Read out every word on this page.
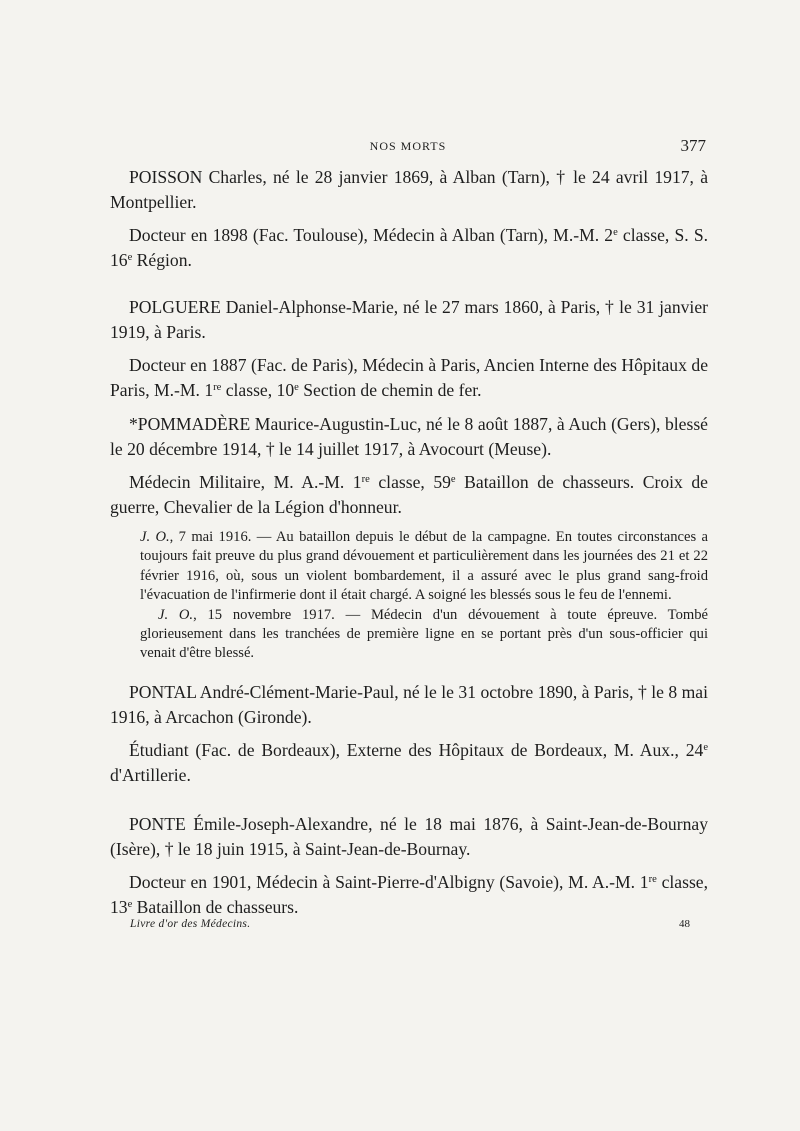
NOS MORTS	377

POISSON Charles, né le 28 janvier 1869, à Alban (Tarn), † le 24 avril 1917, à Montpellier.

Docteur en 1898 (Fac. Toulouse), Médecin à Alban (Tarn), M.-M. 2e classe, S. S. 16e Région.

POLGUERE Daniel-Alphonse-Marie, né le 27 mars 1860, à Paris, † le 31 janvier 1919, à Paris.

Docteur en 1887 (Fac. de Paris), Médecin à Paris, Ancien Interne des Hôpitaux de Paris, M.-M. 1re classe, 10e Section de chemin de fer.

*POMMADÈRE Maurice-Augustin-Luc, né le 8 août 1887, à Auch (Gers), blessé le 20 décembre 1914, † le 14 juillet 1917, à Avocourt (Meuse).

Médecin Militaire, M. A.-M. 1re classe, 59e Bataillon de chasseurs. Croix de guerre, Chevalier de la Légion d'honneur.

J. O., 7 mai 1916. — Au bataillon depuis le début de la campagne. En toutes circonstances a toujours fait preuve du plus grand dévouement et particulièrement dans les journées des 21 et 22 février 1916, où, sous un violent bombardement, il a assuré avec le plus grand sang-froid l'évacuation de l'infirmerie dont il était chargé. A soigné les blessés sous le feu de l'ennemi.

J. O., 15 novembre 1917. — Médecin d'un dévouement à toute épreuve. Tombé glorieusement dans les tranchées de première ligne en se portant près d'un sous-officier qui venait d'être blessé.

PONTAL André-Clément-Marie-Paul, né le le 31 octobre 1890, à Paris, † le 8 mai 1916, à Arcachon (Gironde).

Étudiant (Fac. de Bordeaux), Externe des Hôpitaux de Bordeaux, M. Aux., 24e d'Artillerie.

PONTE Émile-Joseph-Alexandre, né le 18 mai 1876, à Saint-Jean-de-Bournay (Isère), † le 18 juin 1915, à Saint-Jean-de-Bournay.

Docteur en 1901, Médecin à Saint-Pierre-d'Albigny (Savoie), M. A.-M. 1re classe, 13e Bataillon de chasseurs.

Livre d'or des Médecins.	48
